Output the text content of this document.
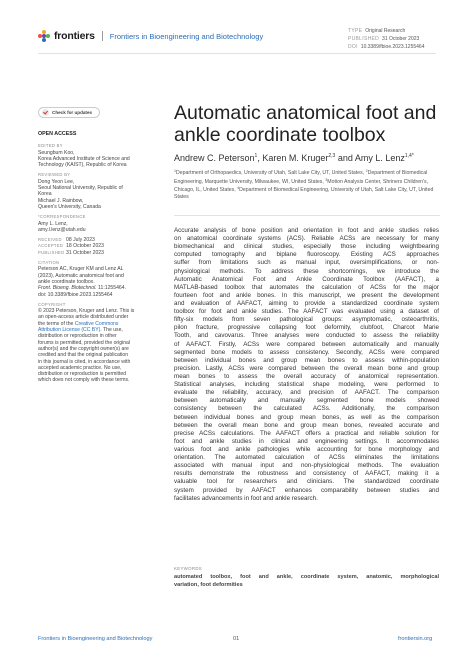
frontiers Frontiers in Bioengineering and Biotechnology
TYPE Original Research
PUBLISHED 31 October 2023
DOI 10.3389/fbioe.2023.1255464
Check for updates
OPEN ACCESS
EDITED BY
Seungbum Koo,
Korea Advanced Institute of Science and
Technology (KAIST), Republic of Korea
REVIEWED BY
Dong Yeon Lee,
Seoul National University, Republic of
Korea
Michael J. Rainbow,
Queen's University, Canada
*CORRESPONDENCE
Amy L. Lenz,
amy.l.lenz@utah.edu
RECEIVED 08 July 2023
ACCEPTED 18 October 2023
PUBLISHED 31 October 2023
CITATION
Peterson AC, Kruger KM and Lenz AL
(2023), Automatic anatomical foot and
ankle coordinate toolbox.
Front. Bioeng. Biotechnol. 11:1255464.
doi: 10.3389/fbioe.2023.1255464
COPYRIGHT
© 2023 Peterson, Kruger and Lenz. This is
an open-access article distributed under
the terms of the Creative Commons
Attribution License (CC BY). The use,
distribution or reproduction in other
forums is permitted, provided the original
author(s) and the copyright owner(s) are
credited and that the original publication
in this journal is cited, in accordance with
accepted academic practice. No use,
distribution or reproduction is permitted
which does not comply with these terms.
Automatic anatomical foot and ankle coordinate toolbox
Andrew C. Peterson$^1$, Karen M. Kruger$^{2,3}$ and Amy L. Lenz$^{1,4*}$
$^1$Department of Orthopaedics, University of Utah, Salt Lake City, UT, United States, $^2$Department of Biomedical Engineering, Marquette University, Milwaukee, WI, United States, $^3$Motion Analysis Center, Shriners Children's, Chicago, IL, United States, $^4$Department of Biomedical Engineering, University of Utah, Salt Lake City, UT, United States
Accurate analysis of bone position and orientation in foot and ankle studies relies
on anatomical coordinate systems (ACS). Reliable ACSs are necessary for many
biomechanical and clinical studies, especially those including weightbearing
computed tomography and biplane fluoroscopy. Existing ACS approaches
suffer from limitations such as manual input, oversimplifications, or non-
physiological methods. To address these shortcomings, we introduce the
Automatic Anatomical Foot and Ankle Coordinate Toolbox (AAFACT), a
MATLAB-based toolbox that automates the calculation of ACSs for the major
fourteen foot and ankle bones. In this manuscript, we present the development
and evaluation of AAFACT, aiming to provide a standardized coordinate system
toolbox for foot and ankle studies. The AAFACT was evaluated using a dataset of
fifty-six models from seven pathological groups: asymptomatic, osteoarthritis,
pilon fracture, progressive collapsing foot deformity, clubfoot, Charcot Marie
Tooth, and cavovarus. Three analyses were conducted to assess the reliability
of AAFACT. Firstly, ACSs were compared between automatically and manually
segmented bone models to assess consistency. Secondly, ACSs were compared
between individual bones and group mean bones to assess within-population
precision. Lastly, ACSs were compared between the overall mean bone and group
mean bones to assess the overall accuracy of anatomical representation.
Statistical analyses, including statistical shape modeling, were performed to
evaluate the reliability, accuracy, and precision of AAFACT. The comparison
between automatically and manually segmented bone models showed
consistency between the calculated ACSs. Additionally, the comparison
between individual bones and group mean bones, as well as the comparison
between the overall mean bone and group mean bones, revealed accurate and
precise ACSs calculations. The AAFACT offers a practical and reliable solution for
foot and ankle studies in clinical and engineering settings. It accommodates
various foot and ankle pathologies while accounting for bone morphology and
orientation. The automated calculation of ACSs eliminates the limitations
associated with manual input and non-physiological methods. The evaluation
results demonstrate the robustness and consistency of AAFACT, making it a
valuable tool for researchers and clinicians. The standardized coordinate
system provided by AAFACT enhances comparability between studies and
facilitates advancements in foot and ankle research.
KEYWORDS
automated toolbox, foot and ankle, coordinate system, anatomic, morphological
variation, foot deformities
Frontiers in Bioengineering and Biotechnology	01	frontiersin.org
